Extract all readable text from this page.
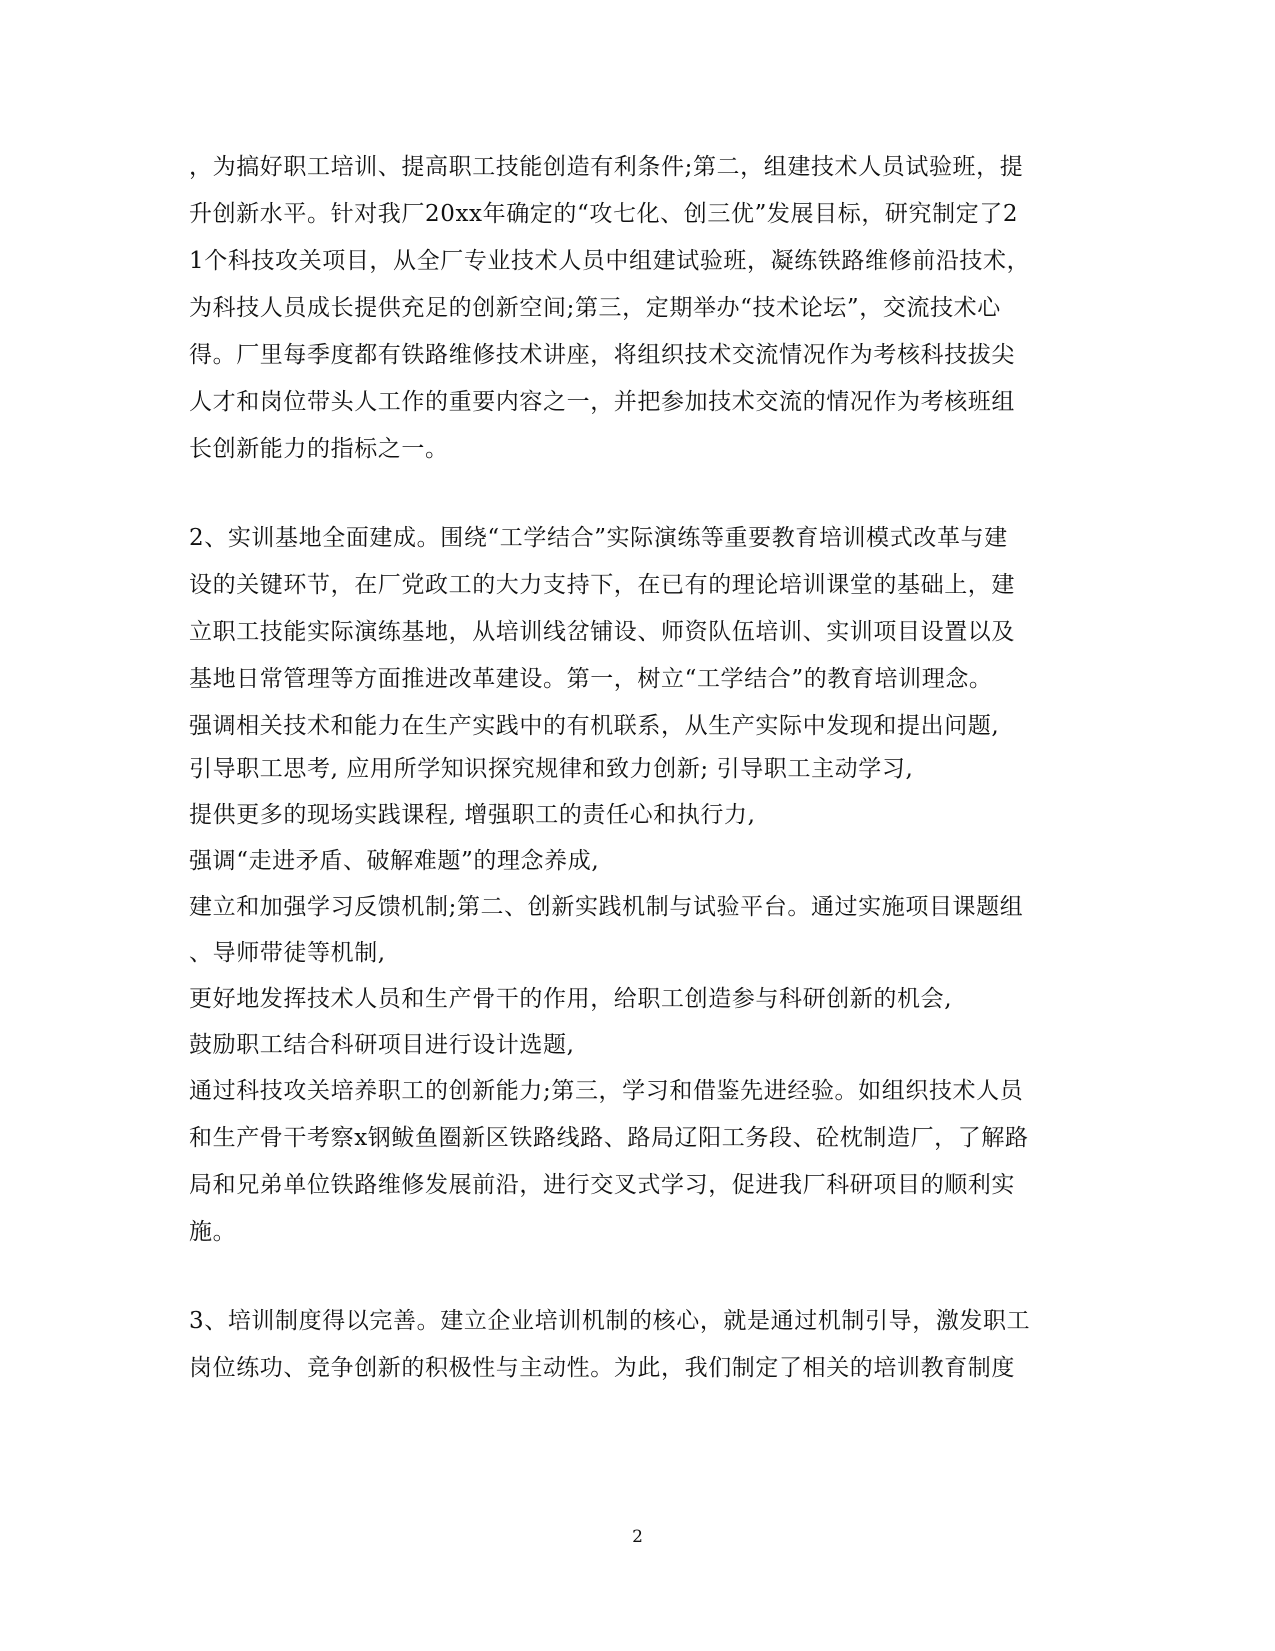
，为搞好职工培训、提高职工技能创造有利条件;第二，组建技术人员试验班，提

升创新水平。针对我厂20xx年确定的“攻七化、创三优”发展目标，研究制定了2

1个科技攻关项目，从全厂专业技术人员中组建试验班，凝练铁路维修前沿技术，

为科技人员成长提供充足的创新空间;第三，定期举办“技术论坛”，交流技术心

得。厂里每季度都有铁路维修技术讲座，将组织技术交流情况作为考核科技拔尖

人才和岗位带头人工作的重要内容之一，并把参加技术交流的情况作为考核班组

长创新能力的指标之一。

2、实训基地全面建成。围绕“工学结合”实际演练等重要教育培训模式改革与建

设的关键环节，在厂党政工的大力支持下，在已有的理论培训课堂的基础上，建

立职工技能实际演练基地，从培训线岔铺设、师资队伍培训、实训项目设置以及

基地日常管理等方面推进改革建设。第一，树立“工学结合”的教育培训理念。

强调相关技术和能力在生产实践中的有机联系，从生产实际中发现和提出问题,

引导职工思考, 应用所学知识探究规律和致力创新; 引导职工主动学习,

提供更多的现场实践课程, 增强职工的责任心和执行力,

强调“走进矛盾、破解难题”的理念养成,

建立和加强学习反馈机制;第二、创新实践机制与试验平台。通过实施项目课题组

、导师带徒等机制,

更好地发挥技术人员和生产骨干的作用，给职工创造参与科研创新的机会,

鼓励职工结合科研项目进行设计选题,

通过科技攻关培养职工的创新能力;第三，学习和借鉴先进经验。如组织技术人员

和生产骨干考察x钢鲅鱼圈新区铁路线路、路局辽阳工务段、砼枕制造厂，了解路

局和兄弟单位铁路维修发展前沿，进行交叉式学习，促进我厂科研项目的顺利实

施。

3、培训制度得以完善。建立企业培训机制的核心，就是通过机制引导，激发职工

岗位练功、竞争创新的积极性与主动性。为此，我们制定了相关的培训教育制度

2
